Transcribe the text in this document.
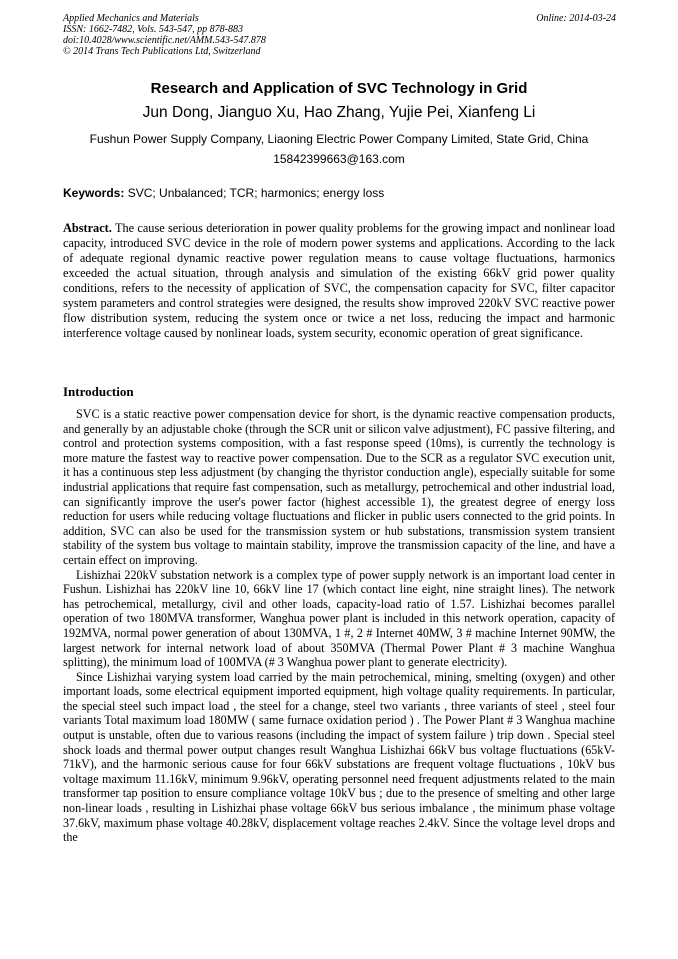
Applied Mechanics and Materials
ISSN: 1662-7482, Vols. 543-547, pp 878-883
doi:10.4028/www.scientific.net/AMM.543-547.878
© 2014 Trans Tech Publications Ltd, Switzerland
Online: 2014-03-24
Research and Application of SVC Technology in Grid
Jun Dong, Jianguo Xu, Hao Zhang, Yujie Pei, Xianfeng Li
Fushun Power Supply Company, Liaoning Electric Power Company Limited, State Grid, China
15842399663@163.com
Keywords: SVC; Unbalanced; TCR; harmonics; energy loss

Abstract. The cause serious deterioration in power quality problems for the growing impact and nonlinear load capacity, introduced SVC device in the role of modern power systems and applications. According to the lack of adequate regional dynamic reactive power regulation means to cause voltage fluctuations, harmonics exceeded the actual situation, through analysis and simulation of the existing 66kV grid power quality conditions, refers to the necessity of application of SVC, the compensation capacity for SVC, filter capacitor system parameters and control strategies were designed, the results show improved 220kV SVC reactive power flow distribution system, reducing the system once or twice a net loss, reducing the impact and harmonic interference voltage caused by nonlinear loads, system security, economic operation of great significance.

Introduction

SVC is a static reactive power compensation device for short, is the dynamic reactive compensation products, and generally by an adjustable choke (through the SCR unit or silicon valve adjustment), FC passive filtering, and control and protection systems composition, with a fast response speed (10ms), is currently the technology is more mature the fastest way to reactive power compensation. Due to the SCR as a regulator SVC execution unit, it has a continuous step less adjustment (by changing the thyristor conduction angle), especially suitable for some industrial applications that require fast compensation, such as metallurgy, petrochemical and other industrial load, can significantly improve the user's power factor (highest accessible 1), the greatest degree of energy loss reduction for users while reducing voltage fluctuations and flicker in public users connected to the grid points. In addition, SVC can also be used for the transmission system or hub substations, transmission system transient stability of the system bus voltage to maintain stability, improve the transmission capacity of the line, and have a certain effect on improving.

Lishizhai 220kV substation network is a complex type of power supply network is an important load center in Fushun. Lishizhai has 220kV line 10, 66kV line 17 (which contact line eight, nine straight lines). The network has petrochemical, metallurgy, civil and other loads, capacity-load ratio of 1.57. Lishizhai becomes parallel operation of two 180MVA transformer, Wanghua power plant is included in this network operation, capacity of 192MVA, normal power generation of about 130MVA, 1 #, 2 # Internet 40MW, 3 # machine Internet 90MW, the largest network for internal network load of about 350MVA (Thermal Power Plant # 3 machine Wanghua splitting), the minimum load of 100MVA (# 3 Wanghua power plant to generate electricity).

Since Lishizhai varying system load carried by the main petrochemical, mining, smelting (oxygen) and other important loads, some electrical equipment imported equipment, high voltage quality requirements. In particular, the special steel such impact load , the steel for a change, steel two variants , three variants of steel , steel four variants Total maximum load 180MW ( same furnace oxidation period ) . The Power Plant # 3 Wanghua machine output is unstable, often due to various reasons (including the impact of system failure ) trip down . Special steel shock loads and thermal power output changes result Wanghua Lishizhai 66kV bus voltage fluctuations (65kV-71kV), and the harmonic serious cause for four 66kV substations are frequent voltage fluctuations , 10kV bus voltage maximum 11.16kV, minimum 9.96kV, operating personnel need frequent adjustments related to the main transformer tap position to ensure compliance voltage 10kV bus ; due to the presence of smelting and other large non-linear loads , resulting in Lishizhai phase voltage 66kV bus serious imbalance , the minimum phase voltage 37.6kV, maximum phase voltage 40.28kV, displacement voltage reaches 2.4kV. Since the voltage level drops and the
